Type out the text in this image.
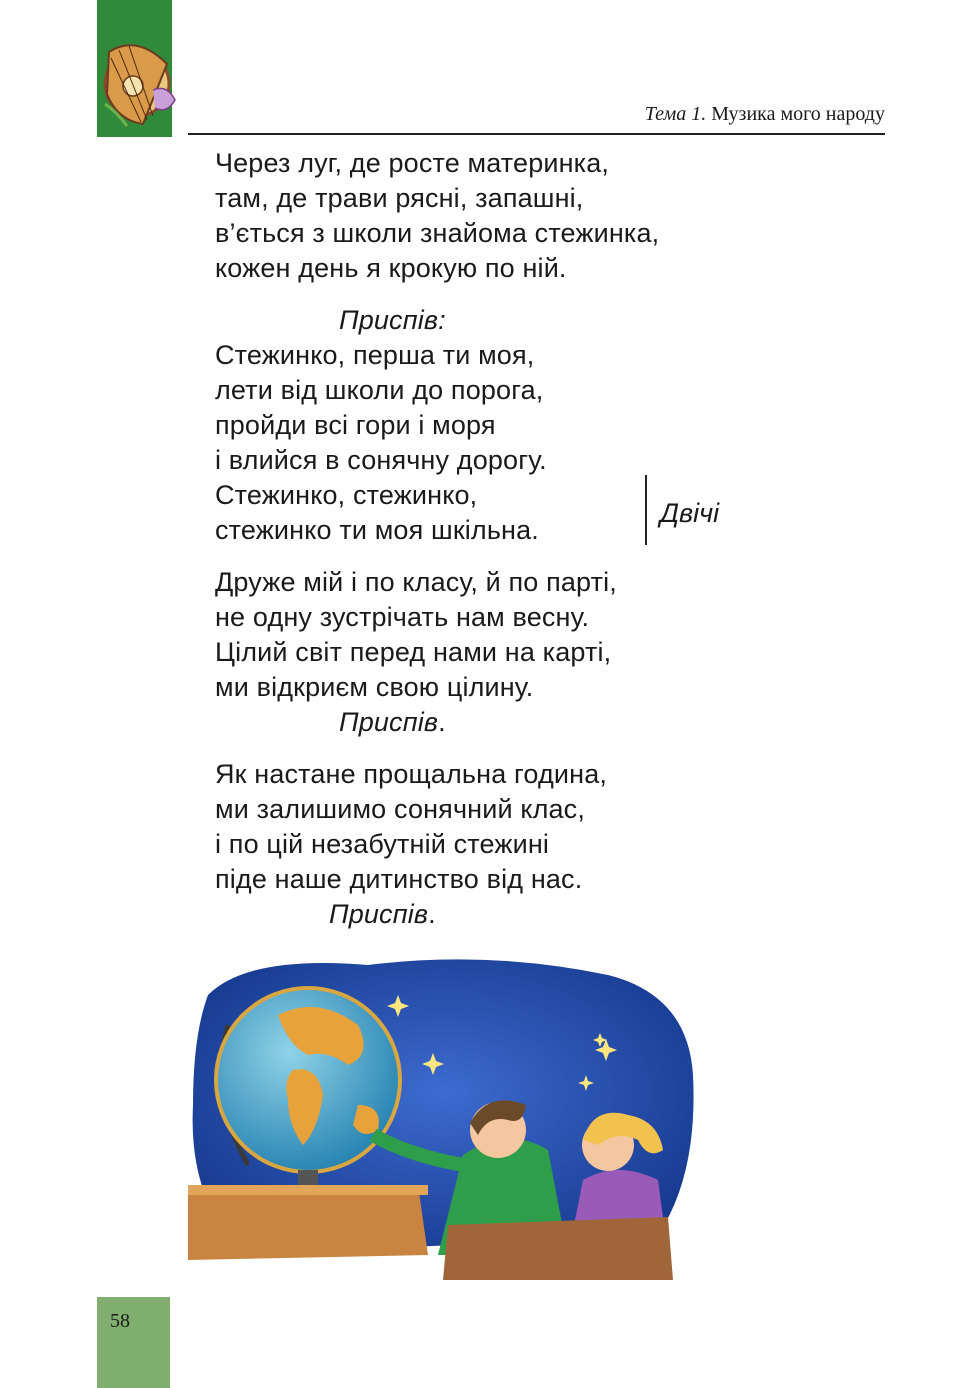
Тема 1. Музика мого народу
Через луг, де росте материнка,
там, де трави рясні, запашні,
в’ється з школи знайома стежинка,
кожен день я крокую по ній.
Приспів:
Стежинко, перша ти моя,
лети від школи до порога,
пройди всі гори і моря
і влийся в сонячну дорогу.
Стежинко, стежинко,
стежинко ти моя шкільна.
Друже мій і по класу, й по парті,
не одну зустрічать нам весну.
Цілий світ перед нами на карті,
ми відкриєм свою цілину.
Приспів.
Як настане прощальна година,
ми залишимо сонячний клас,
і по цій незабутній стежині
піде наше дитинство від нас.
Приспів.
Двічі
58
